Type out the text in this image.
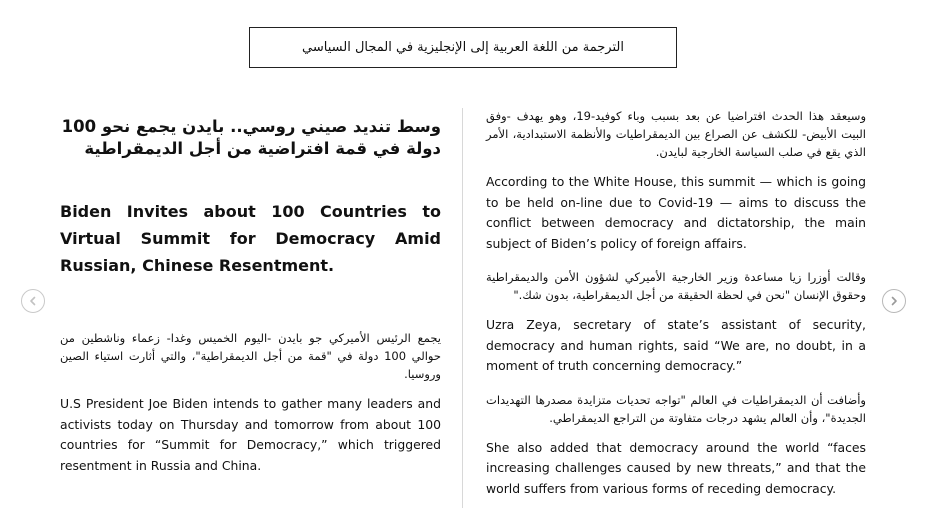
الترجمة من اللغة العربية إلى الإنجليزية في المجال السياسي

وسط تنديد صيني روسي.. بايدن يجمع نحو 100 دولة في قمة افتراضية من أجل الديمقراطية

Biden Invites about 100 Countries to Virtual Summit for Democracy Amid Russian, Chinese Resentment.

يجمع الرئيس الأميركي جو بايدن -اليوم الخميس وغدا- زعماء وناشطين من حوالي 100 دولة في "قمة من أجل الديمقراطية"، والتي أثارت استياء الصين وروسيا.

U.S President Joe Biden intends to gather many leaders and activists today on Thursday and tomorrow from about 100 countries for “Summit for Democracy,” which triggered resentment in Russia and China.

وسيعقد هذا الحدث افتراضيا عن بعد بسبب وباء كوفيد-19، وهو يهدف -وفق البيت الأبيض- للكشف عن الصراع بين الديمقراطيات والأنظمة الاستبدادية، الأمر الذي يقع في صلب السياسة الخارجية لبايدن.

According to the White House, this summit — which is going to be held on-line due to Covid-19 — aims to discuss the conflict between democracy and dictatorship, the main subject of Biden’s policy of foreign affairs.

وقالت أوزرا زيا مساعدة وزير الخارجية الأميركي لشؤون الأمن والديمقراطية وحقوق الإنسان "نحن في لحظة الحقيقة من أجل الديمقراطية، بدون شك."

Uzra Zeya, secretary of state’s assistant of security, democracy and human rights, said “We are, no doubt, in a moment of truth concerning democracy.”

وأضافت أن الديمقراطيات في العالم "تواجه تحديات متزايدة مصدرها التهديدات الجديدة"، وأن العالم يشهد درجات متفاوتة من التراجع الديمقراطي.

She also added that democracy around the world “faces increasing challenges caused by new threats,” and that the world suffers from various forms of receding democracy.
